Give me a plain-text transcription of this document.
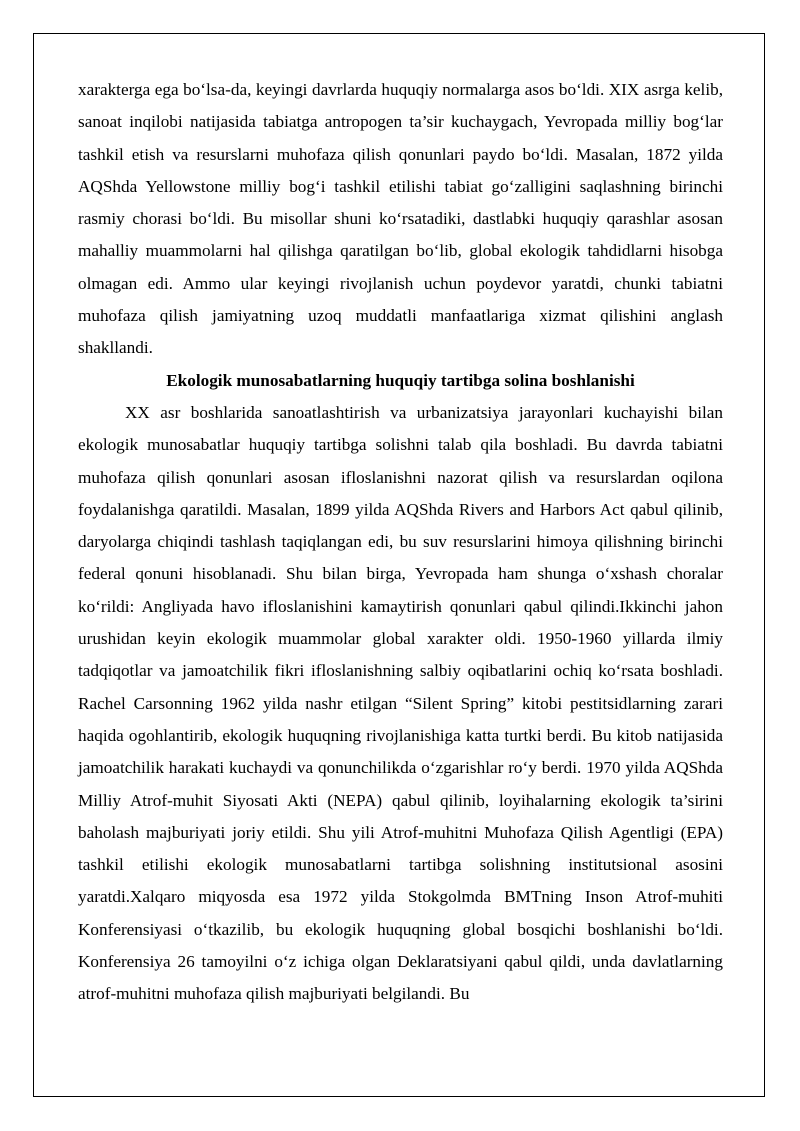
xarakterga ega bo‘lsa-da, keyingi davrlarda huquqiy normalarga asos bo‘ldi. XIX asrga kelib, sanoat inqilobi natijasida tabiatga antropogen ta’sir kuchaygach, Yevropada milliy bog‘lar tashkil etish va resurslarni muhofaza qilish qonunlari paydo bo‘ldi. Masalan, 1872 yilda AQShda Yellowstone milliy bog‘i tashkil etilishi tabiat go‘zalligini saqlashning birinchi rasmiy chorasi bo‘ldi. Bu misollar shuni ko‘rsatadiki, dastlabki huquqiy qarashlar asosan mahalliy muammolarni hal qilishga qaratilgan bo‘lib, global ekologik tahdidlarni hisobga olmagan edi. Ammo ular keyingi rivojlanish uchun poydevor yaratdi, chunki tabiatni muhofaza qilish jamiyatning uzoq muddatli manfaatlariga xizmat qilishini anglash shakllandi.

Ekologik munosabatlarning huquqiy tartibga solina boshlanishi

XX asr boshlarida sanoatlashtirish va urbanizatsiya jarayonlari kuchayishi bilan ekologik munosabatlar huquqiy tartibga solishni talab qila boshladi. Bu davrda tabiatni muhofaza qilish qonunlari asosan ifloslanishni nazorat qilish va resurslardan oqilona foydalanishga qaratildi. Masalan, 1899 yilda AQShda Rivers and Harbors Act qabul qilinib, daryolarga chiqindi tashlash taqiqlangan edi, bu suv resurslarini himoya qilishning birinchi federal qonuni hisoblanadi. Shu bilan birga, Yevropada ham shunga o‘xshash choralar ko‘rildi: Angliyada havo ifloslanishini kamaytirish qonunlari qabul qilindi.Ikkinchi jahon urushidan keyin ekologik muammolar global xarakter oldi. 1950-1960 yillarda ilmiy tadqiqotlar va jamoatchilik fikri ifloslanishning salbiy oqibatlarini ochiq ko‘rsata boshladi. Rachel Carsonning 1962 yilda nashr etilgan “Silent Spring” kitobi pestitsidlarning zarari haqida ogohlantirib, ekologik huquqning rivojlanishiga katta turtki berdi. Bu kitob natijasida jamoatchilik harakati kuchaydi va qonunchilikda o‘zgarishlar ro‘y berdi. 1970 yilda AQShda Milliy Atrof-muhit Siyosati Akti (NEPA) qabul qilinib, loyihalarning ekologik ta’sirini baholash majburiyati joriy etildi. Shu yili Atrof-muhitni Muhofaza Qilish Agentligi (EPA) tashkil etilishi ekologik munosabatlarni tartibga solishning institutsional asosini yaratdi.Xalqaro miqyosda esa 1972 yilda Stokgolmda BMTning Inson Atrof-muhiti Konferensiyasi o‘tkazilib, bu ekologik huquqning global bosqichi boshlanishi bo‘ldi. Konferensiya 26 tamoyilni o‘z ichiga olgan Deklaratsiyani qabul qildi, unda davlatlarning atrof-muhitni muhofaza qilish majburiyati belgilandi. Bu
